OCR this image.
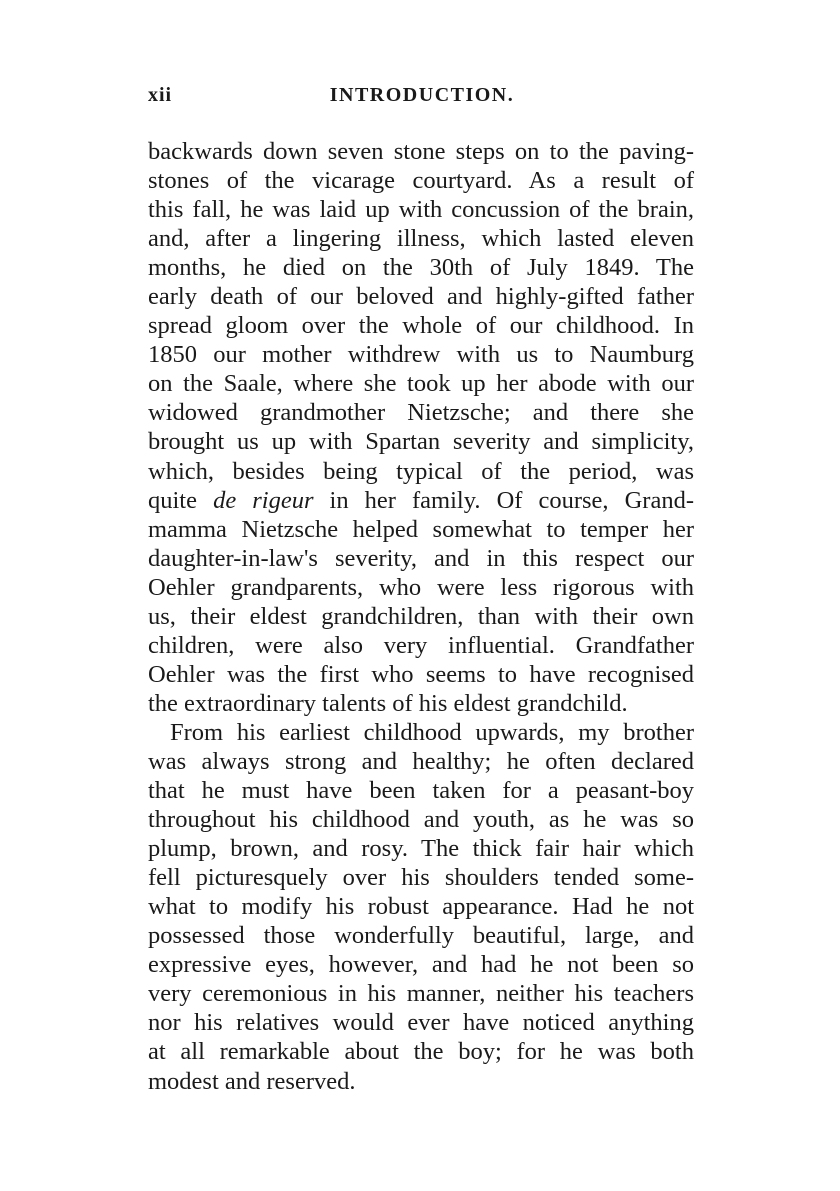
xii	INTRODUCTION.
backwards down seven stone steps on to the paving-
stones of the vicarage courtyard. As a result of
this fall, he was laid up with concussion of the brain,
and, after a lingering illness, which lasted eleven
months, he died on the 30th of July 1849. The
early death of our beloved and highly-gifted father
spread gloom over the whole of our childhood. In
1850 our mother withdrew with us to Naumburg
on the Saale, where she took up her abode with our
widowed grandmother Nietzsche; and there she
brought us up with Spartan severity and simplicity,
which, besides being typical of the period, was
quite de rigeur in her family. Of course, Grand-
mamma Nietzsche helped somewhat to temper her
daughter-in-law's severity, and in this respect our
Oehler grandparents, who were less rigorous with
us, their eldest grandchildren, than with their own
children, were also very influential. Grandfather
Oehler was the first who seems to have recognised
the extraordinary talents of his eldest grandchild.
From his earliest childhood upwards, my brother
was always strong and healthy; he often declared
that he must have been taken for a peasant-boy
throughout his childhood and youth, as he was so
plump, brown, and rosy. The thick fair hair which
fell picturesquely over his shoulders tended some-
what to modify his robust appearance. Had he not
possessed those wonderfully beautiful, large, and
expressive eyes, however, and had he not been so
very ceremonious in his manner, neither his teachers
nor his relatives would ever have noticed anything
at all remarkable about the boy; for he was both
modest and reserved.
